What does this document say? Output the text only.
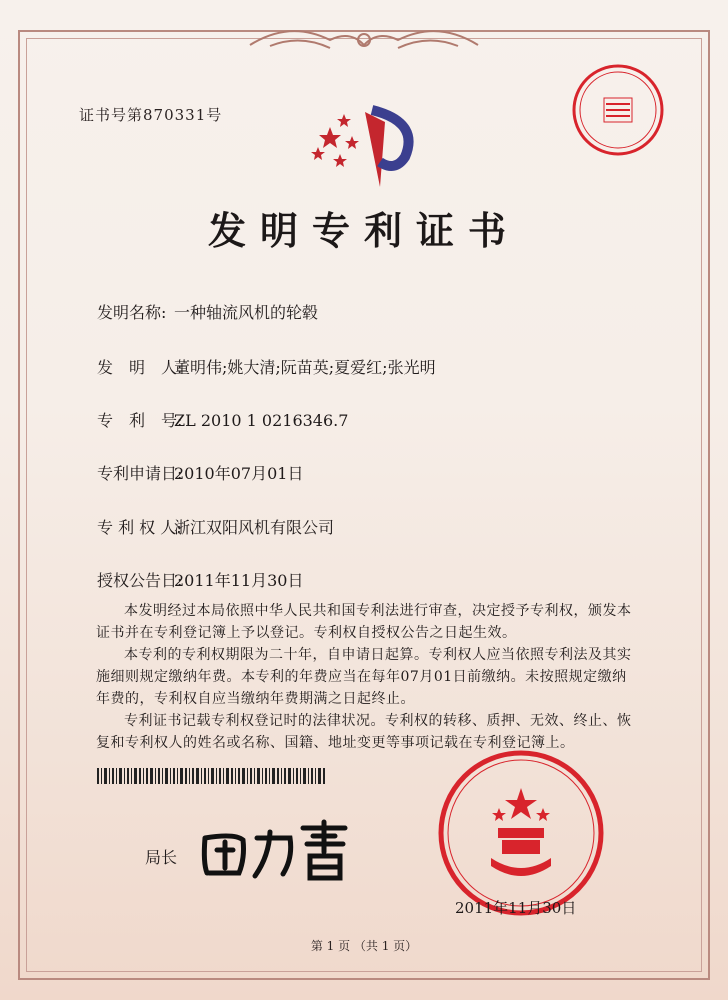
证书号第870331号
发明专利证书
发明名称: 一种轴流风机的轮毂
发　明　人:董明伟;姚大清;阮苗英;夏爱红;张光明
专　利　号:ZL 2010 1 0216346.7
专利申请日:2010年07月01日
专 利 权 人:浙江双阳风机有限公司
授权公告日:2011年11月30日

本发明经过本局依照中华人民共和国专利法进行审查，决定授予专利权，颁发本证书并在专利登记簿上予以登记。专利权自授权公告之日起生效。

本专利的专利权期限为二十年，自申请日起算。专利权人应当依照专利法及其实施细则规定缴纳年费。本专利的年费应当在每年07月01日前缴纳。未按照规定缴纳年费的，专利权自应当缴纳年费期满之日起终止。

专利证书记载专利权登记时的法律状况。专利权的转移、质押、无效、终止、恢复和专利权人的姓名或名称、国籍、地址变更等事项记载在专利登记簿上。

局长
2011年11月30日
第 1 页 （共 1 页）
